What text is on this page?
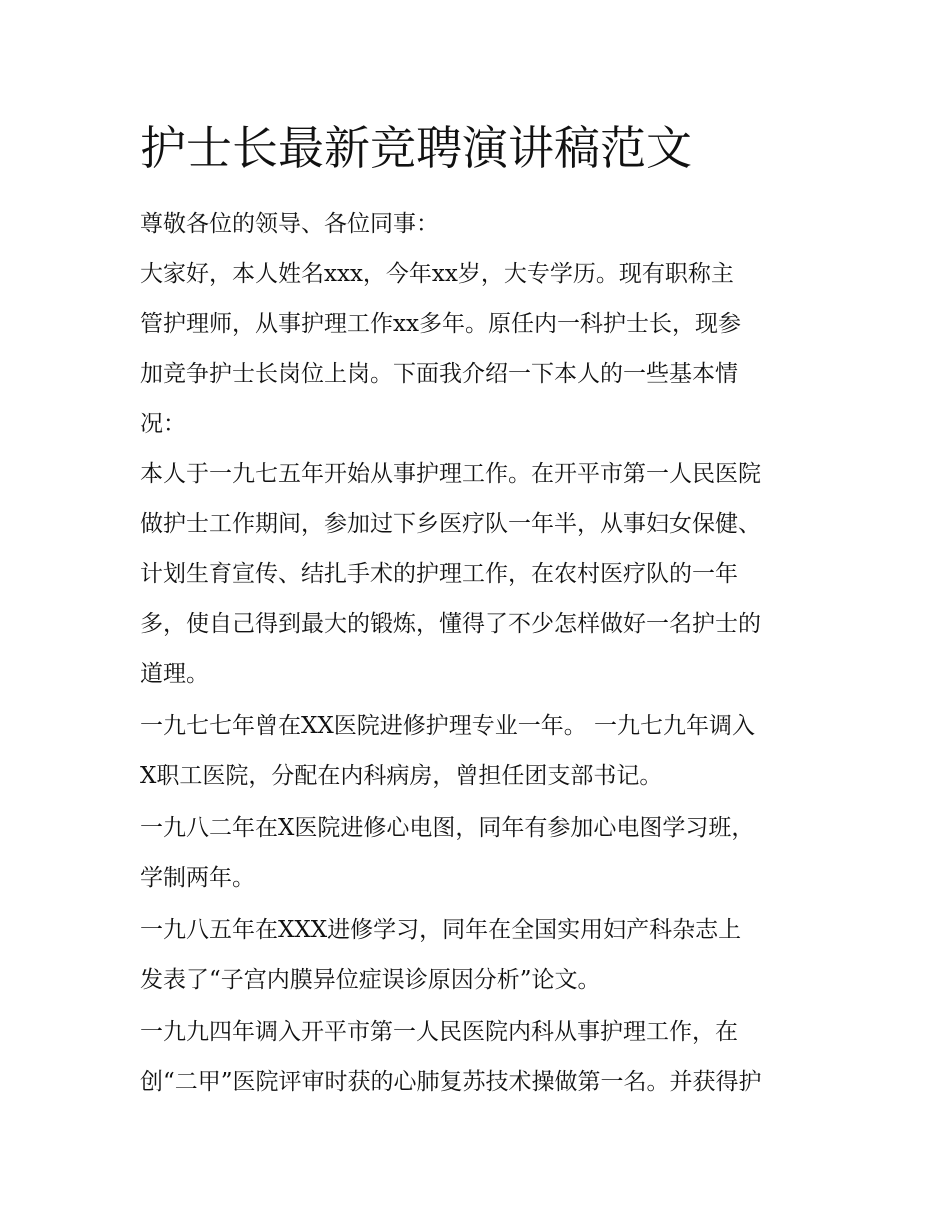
护士长最新竞聘演讲稿范文

尊敬各位的领导、各位同事：

大家好，本人姓名xxx，今年xx岁，大专学历。现有职称主

管护理师，从事护理工作xx多年。原任内一科护士长，现参

加竞争护士长岗位上岗。下面我介绍一下本人的一些基本情

况：

本人于一九七五年开始从事护理工作。在开平市第一人民医院

做护士工作期间，参加过下乡医疗队一年半，从事妇女保健、

计划生育宣传、结扎手术的护理工作，在农村医疗队的一年

多，使自己得到最大的锻炼，懂得了不少怎样做好一名护士的

道理。

一九七七年曾在XX医院进修护理专业一年。 一九七九年调入

X职工医院，分配在内科病房，曾担任团支部书记。

一九八二年在X医院进修心电图，同年有参加心电图学习班，

学制两年。

一九八五年在XXX进修学习，同年在全国实用妇产科杂志上

发表了“子宫内膜异位症误诊原因分析”论文。

一九九四年调入开平市第一人民医院内科从事护理工作，在

创“二甲”医院评审时获的心肺复苏技术操做第一名。并获得护
